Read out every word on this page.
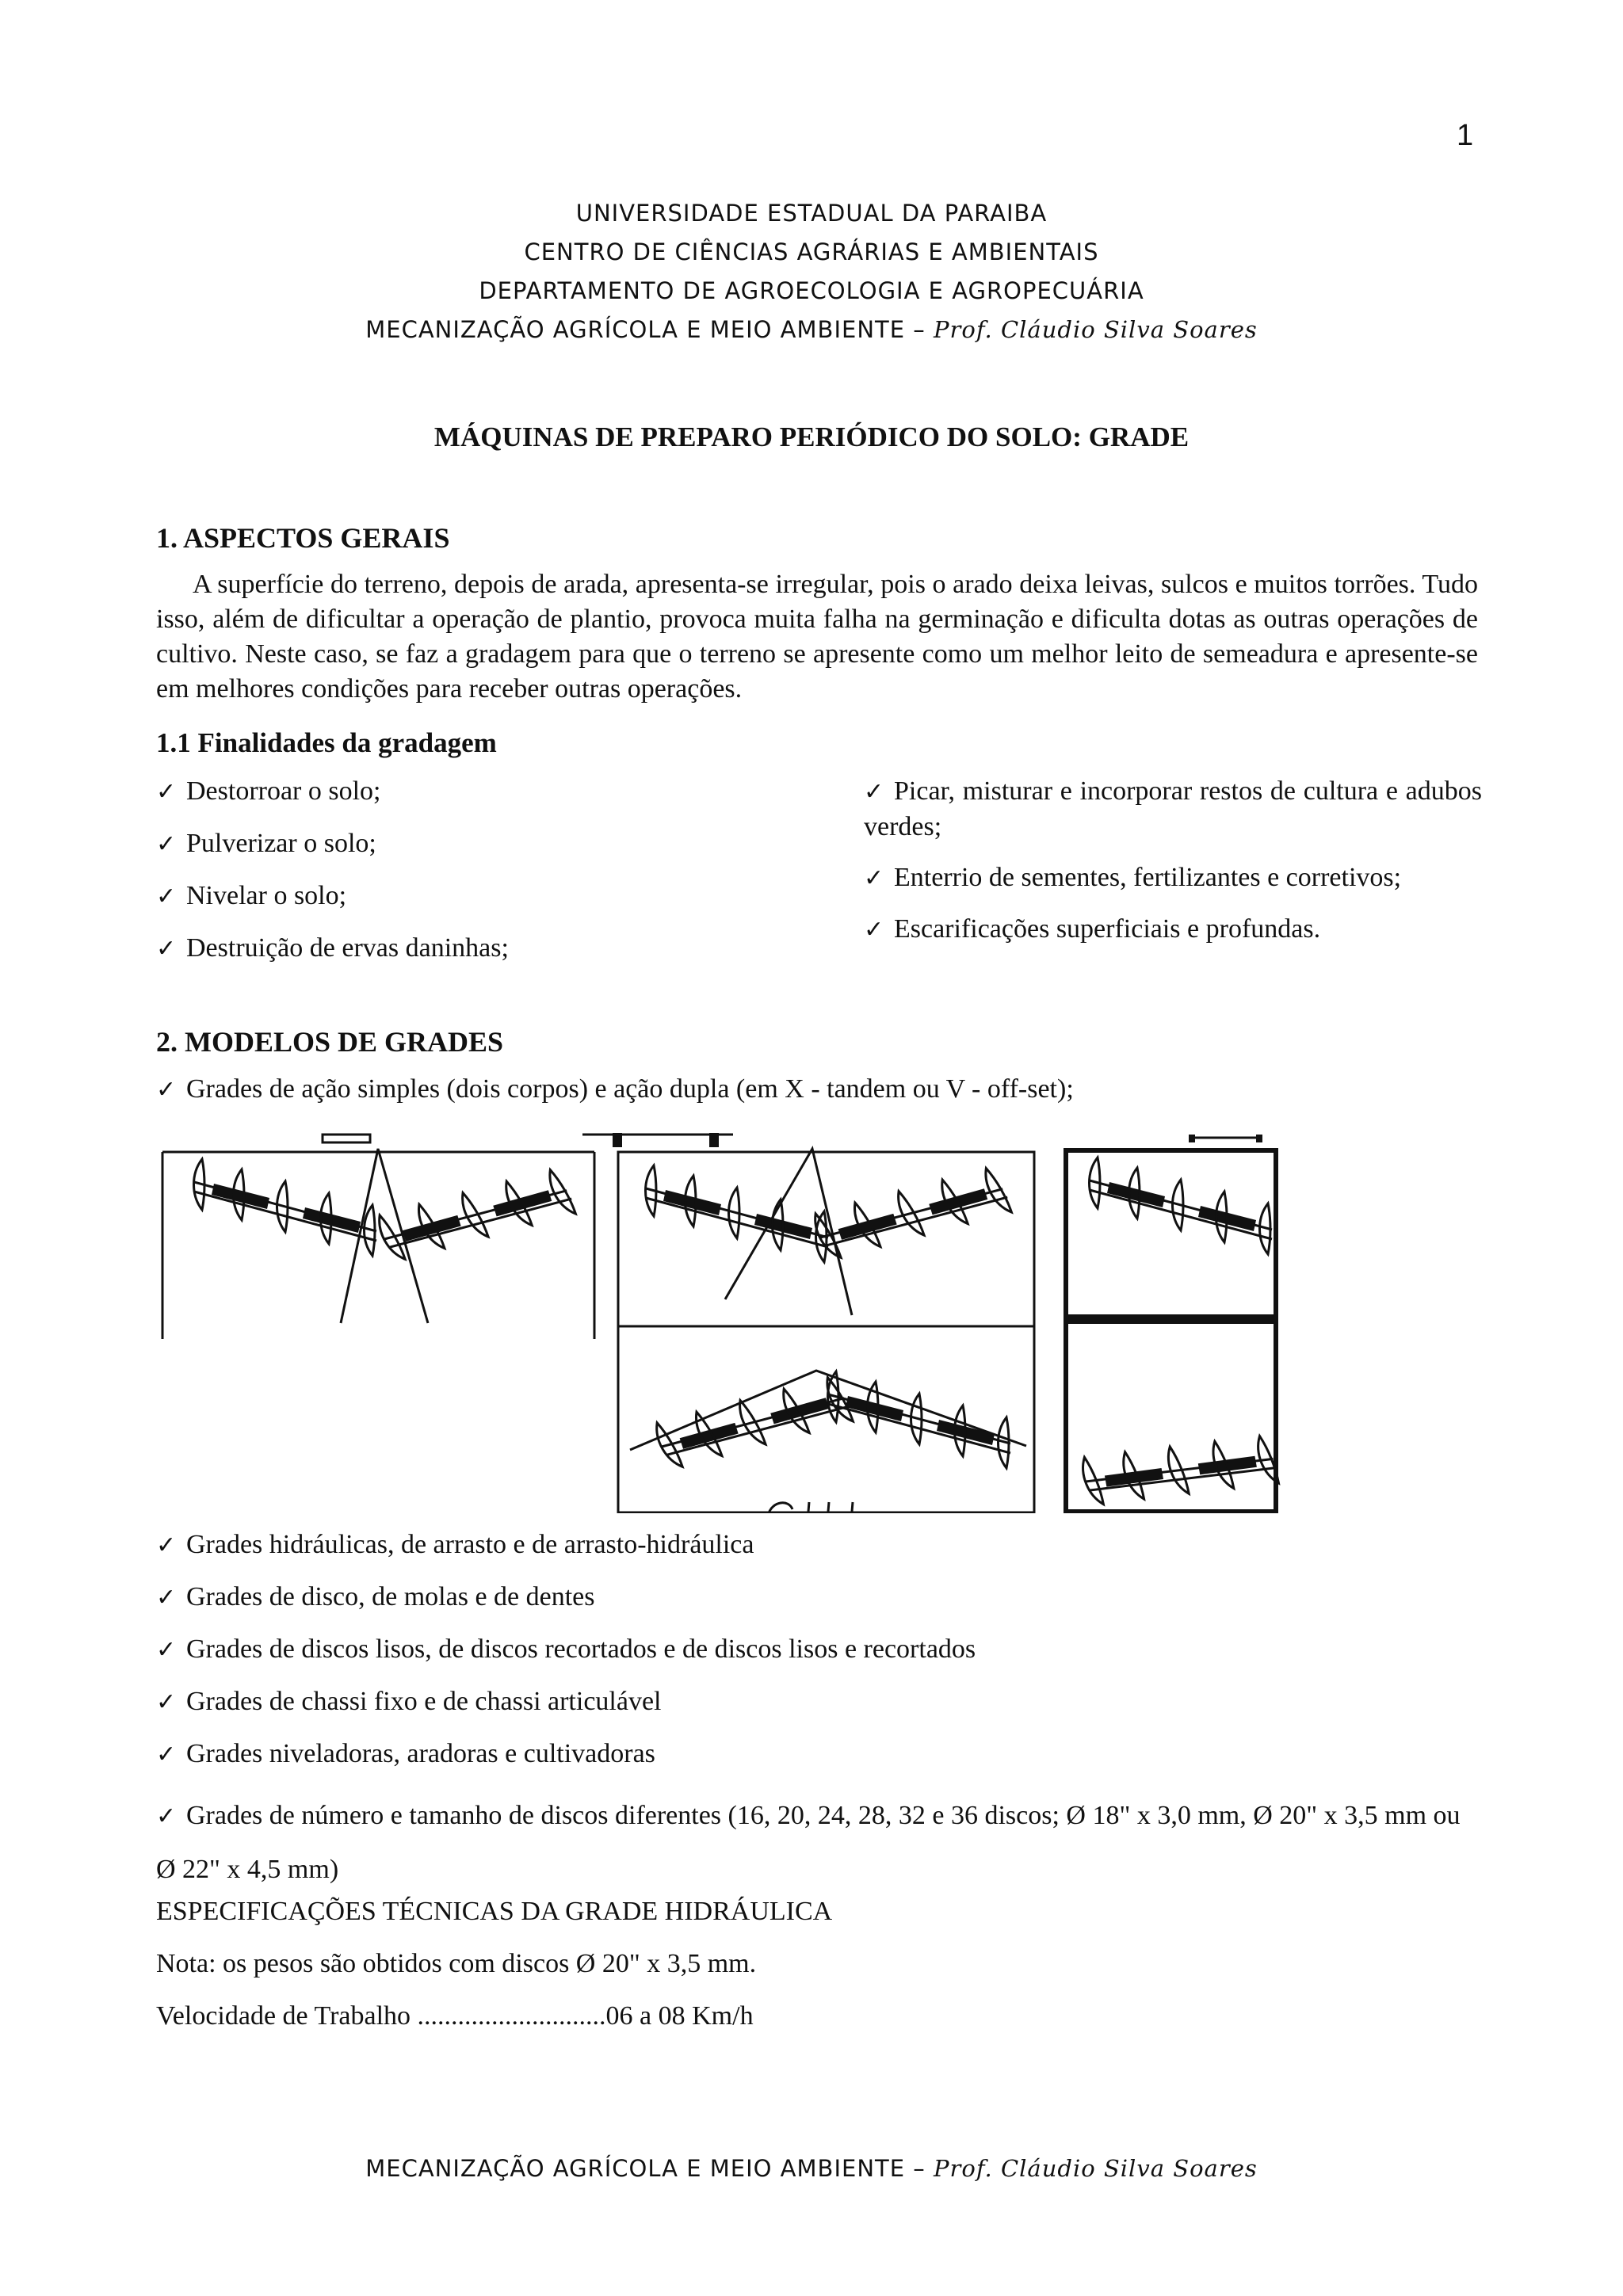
1
UNIVERSIDADE ESTADUAL DA PARAIBA
CENTRO DE CIÊNCIAS AGRÁRIAS E AMBIENTAIS
DEPARTAMENTO DE AGROECOLOGIA E AGROPECUÁRIA
MECANIZAÇÃO AGRÍCOLA E MEIO AMBIENTE – Prof. Cláudio Silva Soares
MÁQUINAS DE PREPARO PERIÓDICO DO SOLO: GRADE
1. ASPECTOS GERAIS
A superfície do terreno, depois de arada, apresenta-se irregular, pois o arado deixa leivas, sulcos e muitos torrões. Tudo isso, além de dificultar a operação de plantio, provoca muita falha na germinação e dificulta dotas as outras operações de cultivo. Neste caso, se faz a gradagem para que o terreno se apresente como um melhor leito de semeadura e apresente-se em melhores condições para receber outras operações.
1.1 Finalidades da gradagem
✓ Destorroar o solo;
✓ Pulverizar o solo;
✓ Nivelar o solo;
✓ Destruição de ervas daninhas;
✓ Picar, misturar e incorporar restos de cultura e adubos verdes;
✓ Enterrio de sementes, fertilizantes e corretivos;
✓ Escarificações superficiais e profundas.
2. MODELOS DE GRADES
✓ Grades de ação simples (dois corpos) e ação dupla (em X - tandem ou V - off-set);
✓ Grades hidráulicas, de arrasto e de arrasto-hidráulica
✓ Grades de disco, de molas e de dentes
✓ Grades de discos lisos, de discos recortados e de discos lisos e recortados
✓ Grades de chassi fixo e de chassi articulável
✓ Grades niveladoras, aradoras e cultivadoras
✓ Grades de número e tamanho de discos diferentes (16, 20, 24, 28, 32 e 36 discos; Ø 18" x 3,0 mm, Ø 20" x 3,5 mm ou Ø 22" x 4,5 mm)
ESPECIFICAÇÕES TÉCNICAS DA GRADE HIDRÁULICA
Nota: os pesos são obtidos com discos Ø 20" x 3,5 mm.
Velocidade de Trabalho ............................06 a 08 Km/h
MECANIZAÇÃO AGRÍCOLA E MEIO AMBIENTE – Prof. Cláudio Silva Soares
